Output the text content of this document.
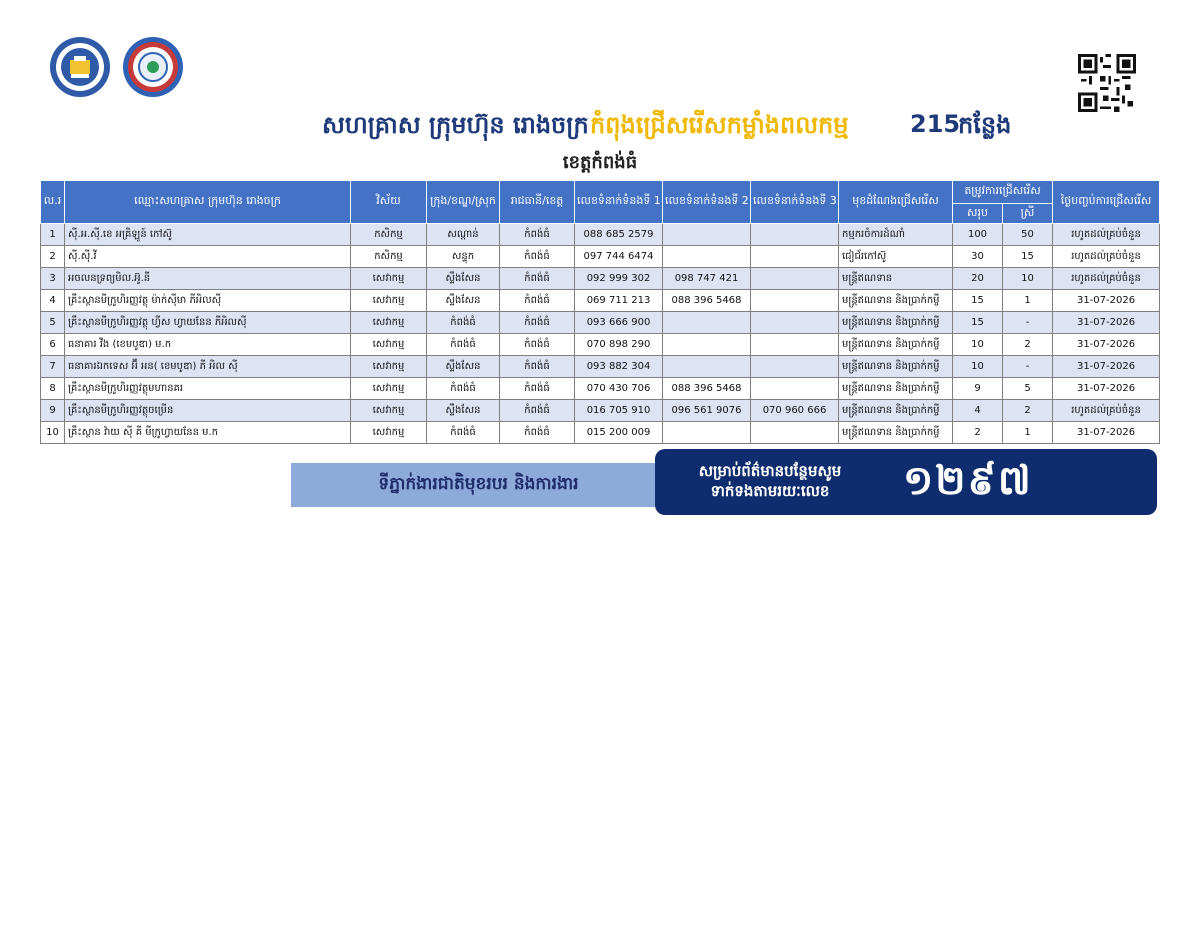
សហគ្រាស ក្រុមហ៊ុន រោងចក្រ កំពុងជ្រើសរើសកម្លាំងពលកម្ម	215
កន្លែង
ខេត្តកំពង់ធំ
ល.រ	ឈ្មោះសហគ្រាស ក្រុមហ៊ុន រោងចក្រ	វិស័យ	ក្រុង/ខណ្ឌ/ស្រុក	រាជធានី/ខេត្ត	លេខទំនាក់ទំនងទី 1	លេខទំនាក់ទំនងទី 2	លេខទំនាក់ទំនងទី 3	មុខដំណែងជ្រើសរើស	តម្រូវការជ្រើសរើស		ថ្ងៃបញ្ចប់ការជ្រើសរើស
									សរុប	ស្រី	
1	ស៊ី.អ.ស៊ី.ខេ អគ្រិឡូន៍ កៅស៊ូ	កសិកម្ម	សណ្ដាន់	កំពង់ធំ	088 685 2579			កម្មករចំការដំណាំ	100	50	រហូតដល់គ្រប់ចំនួន
2	ស៊ី.ស៊ី.វី	កសិកម្ម	សន្ទុក	កំពង់ធំ	097 744 6474			ជៀជ័រកៅស៊ូ	30	15	រហូតដល់គ្រប់ចំនួន
3	អចលនទ្រព្យមិល.អ៊ូ.នី	សេវាកម្ម	ស្ទឹងសែន	កំពង់ធំ	092 999 302	098 747 421		មន្ត្រីឥណទាន	20	10	រហូតដល់គ្រប់ចំនួន
4	គ្រឹះស្ថានមីក្រូហិរញ្ញវត្ថុ ម៉ាក់ស៊ីមា ភីអិលស៊ី	សេវាកម្ម	ស្ទឹងសែន	កំពង់ធំ	069 711 213	088 396 5468		មន្ត្រីឥណទាន និងប្រាក់កម្ចី	15	1	31-07-2026
5	គ្រឹះស្ថានមីក្រូហិរញ្ញវត្ថុ ហ្វីស ហ្វាយនែន ភីអិលស៊ី	សេវាកម្ម	កំពង់ធំ	កំពង់ធំ	093 666 900			មន្ត្រីឥណទាន និងប្រាក់កម្ចី	15	-	31-07-2026
6	ធនាគារ វីង (ខេមបូឌា) ម.ក	សេវាកម្ម	កំពង់ធំ	កំពង់ធំ	070 898 290			មន្ត្រីឥណទាន និងប្រាក់កម្ចី	10	2	31-07-2026
7	ធនាគារឯកទេស អ៊ឹ អន( ខេមបូឌា) ភី អិល ស៊ី	សេវាកម្ម	ស្ទឹងសែន	កំពង់ធំ	093 882 304			មន្ត្រីឥណទាន និងប្រាក់កម្ចី	10	-	31-07-2026
8	គ្រឹះស្ថានមីក្រូហិរញ្ញវត្ថុមហានគរ	សេវាកម្ម	កំពង់ធំ	កំពង់ធំ	070 430 706	088 396 5468		មន្ត្រីឥណទាន និងប្រាក់កម្ចី	9	5	31-07-2026
9	គ្រឹះស្ថានមីក្រូហិរញ្ញវត្ថុចម្រើន	សេវាកម្ម	ស្ទឹងសែន	កំពង់ធំ	016 705 910	096 561 9076	070 960 666	មន្ត្រីឥណទាន និងប្រាក់កម្ចី	4	2	រហូតដល់គ្រប់ចំនួន
10	គ្រឹះស្ថាន វ៉ាយ ស៊ី គី មីក្រូហ្វាយនែន ម.ក	សេវាកម្ម	កំពង់ធំ	កំពង់ធំ	015 200 009			មន្ត្រីឥណទាន និងប្រាក់កម្ចី	2	1	31-07-2026
ទីភ្នាក់ងារជាតិមុខរបរ និងការងារ
សម្រាប់ព័ត៌មានបន្ថែមសូមទាក់ទងតាមរយៈលេខ	១២៩៧
